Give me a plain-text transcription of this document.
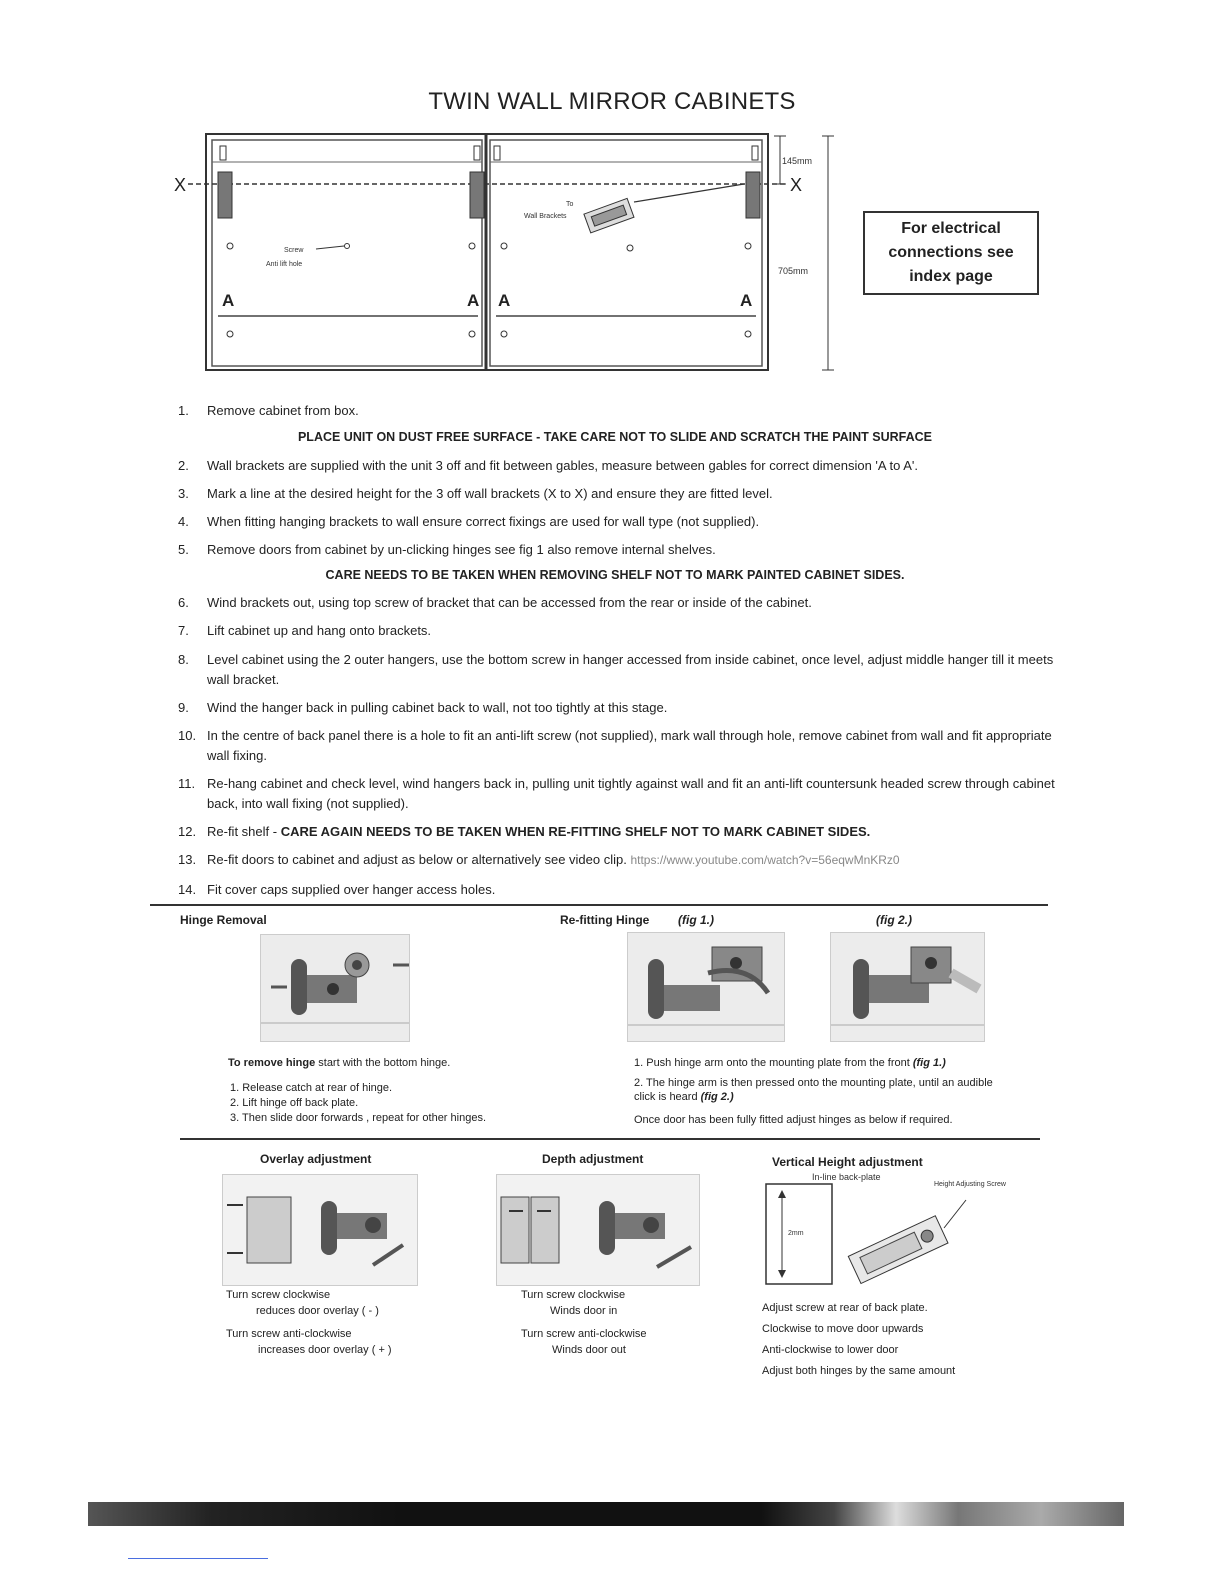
TWIN WALL MIRROR CABINETS
X	X
Screw
Anti lift hole
To
Wall Brackets
A	A A	A
145mm
705mm
For electrical connections see index page
1.	Remove cabinet from box.
PLACE UNIT ON DUST FREE SURFACE - TAKE CARE NOT TO SLIDE AND SCRATCH THE PAINT SURFACE
2.	Wall brackets are supplied with the unit 3 off and fit between gables, measure between gables for correct dimension 'A to A'.
3.	Mark a line at the desired height for the 3 off wall brackets (X to X) and ensure they are fitted level.
4.	When fitting hanging brackets to wall ensure correct fixings are used for wall type (not supplied).
5.	Remove doors from cabinet by un-clicking hinges see fig 1 also remove internal shelves.
CARE NEEDS TO BE TAKEN WHEN REMOVING SHELF NOT TO MARK PAINTED CABINET SIDES.
6.	Wind brackets out, using top screw of bracket that can be accessed from the rear or inside of the cabinet.
7.	Lift cabinet up and hang onto brackets.
8.	Level cabinet using the 2 outer hangers, use the bottom screw in hanger accessed from inside cabinet, once level, adjust middle hanger till it meets wall bracket.
9.	Wind the hanger back in pulling cabinet back to wall, not too tightly at this stage.
10. In the centre of back panel there is a hole to fit an anti-lift screw (not supplied), mark wall through hole, remove cabinet from wall and fit appropriate wall fixing.
11. Re-hang cabinet and check level, wind hangers back in, pulling unit tightly against wall and fit an anti-lift countersunk headed screw through cabinet back, into wall fixing (not supplied).
12. Re-fit shelf - CARE AGAIN NEEDS TO BE TAKEN WHEN RE-FITTING SHELF NOT TO MARK CABINET SIDES.
13. Re-fit doors to cabinet and adjust as below or alternatively see video clip. https://www.youtube.com/watch?v=56eqwMnKRz0
14. Fit cover caps supplied over hanger access holes.
Hinge Removal
To remove hinge start with the bottom hinge.
1. Release catch at rear of hinge.
2. Lift hinge off back plate.
3. Then slide door forwards , repeat for other hinges.
Re-fitting Hinge (fig 1.)	(fig 2.)
1. Push hinge arm onto the mounting plate from the front (fig 1.)
2. The hinge arm is then pressed onto the mounting plate, until an audible click is heard (fig 2.)
Once door has been fully fitted adjust hinges as below if required.
Overlay adjustment
Turn screw clockwise
reduces door overlay ( - )
Turn screw anti-clockwise
increases door overlay ( + )
Depth adjustment
Turn screw clockwise
Winds door in
Turn screw anti-clockwise
Winds door out
Vertical Height adjustment
In-line back-plate
Height Adjusting Screw
2mm
Adjust screw at rear of back plate.
Clockwise to move door upwards
Anti-clockwise to lower door
Adjust both hinges by the same amount
